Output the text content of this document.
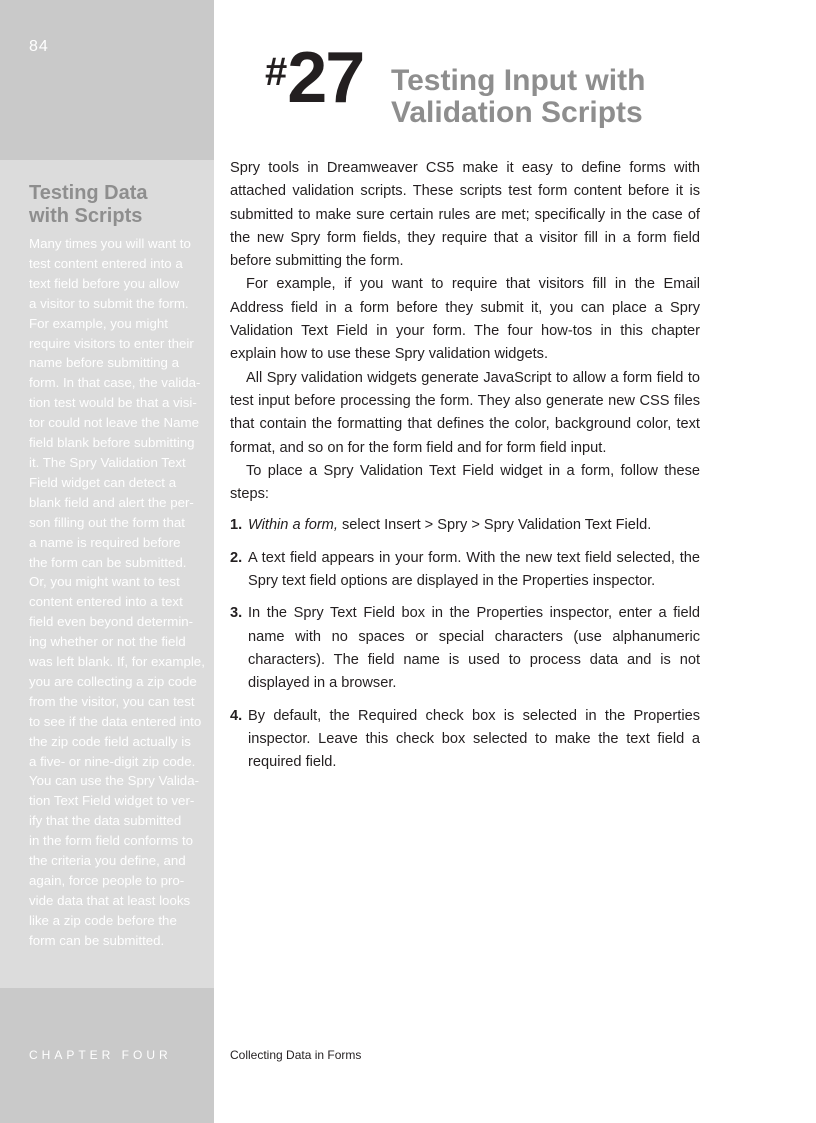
84
Testing Data
with Scripts

Many times you will want to
test content entered into a
text field before you allow
a visitor to submit the form.
For example, you might
require visitors to enter their
name before submitting a
form. In that case, the valida-
tion test would be that a visi-
tor could not leave the Name
field blank before submitting
it. The Spry Validation Text
Field widget can detect a
blank field and alert the per-
son filling out the form that
a name is required before
the form can be submitted.
Or, you might want to test
content entered into a text
field even beyond determin-
ing whether or not the field
was left blank. If, for example,
you are collecting a zip code
from the visitor, you can test
to see if the data entered into
the zip code field actually is
a five- or nine-digit zip code.
You can use the Spry Valida-
tion Text Field widget to ver-
ify that the data submitted
in the form field conforms to
the criteria you define, and
again, force people to pro-
vide data that at least looks
like a zip code before the
form can be submitted.

CHAPTER FOUR
#27 Testing Input with
Validation Scripts

Spry tools in Dreamweaver CS5 make it easy to define forms with attached validation scripts. These scripts test form content before it is submitted to make sure certain rules are met; specifically in the case of the new Spry form fields, they require that a visitor fill in a form field before submitting the form.

For example, if you want to require that visitors fill in the Email Address field in a form before they submit it, you can place a Spry Validation Text Field in your form. The four how-tos in this chapter explain how to use these Spry validation widgets.

All Spry validation widgets generate JavaScript to allow a form field to test input before processing the form. They also generate new CSS files that contain the formatting that defines the color, background color, text format, and so on for the form field and for form field input.

To place a Spry Validation Text Field widget in a form, follow these steps:

1. Within a form, select Insert > Spry > Spry Validation Text Field.
2. A text field appears in your form. With the new text field selected, the Spry text field options are displayed in the Properties inspector.
3. In the Spry Text Field box in the Properties inspector, enter a field name with no spaces or special characters (use alphanumeric characters). The field name is used to process data and is not displayed in a browser.
4. By default, the Required check box is selected in the Properties inspector. Leave this check box selected to make the text field a required field.
Collecting Data in Forms
